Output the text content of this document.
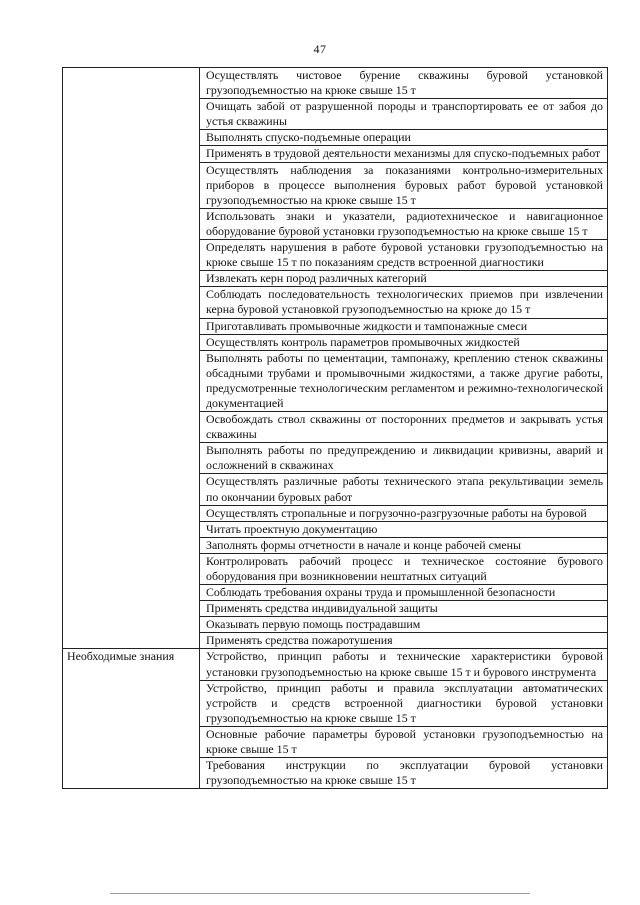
47
	Осуществлять чистовое бурение скважины буровой установкой грузоподъемностью на крюке свыше 15 т
	Очищать забой от разрушенной породы и транспортировать ее от забоя до устья скважины
	Выполнять спуско-подъемные операции
	Применять в трудовой деятельности механизмы для спуско-подъемных работ
	Осуществлять наблюдения за показаниями контрольно-измерительных приборов в процессе выполнения буровых работ буровой установкой грузоподъемностью на крюке свыше 15 т
	Использовать знаки и указатели, радиотехническое и навигационное оборудование буровой установки грузоподъемностью на крюке свыше 15 т
	Определять нарушения в работе буровой установки грузоподъемностью на крюке свыше 15 т по показаниям средств встроенной диагностики
	Извлекать керн пород различных категорий
	Соблюдать последовательность технологических приемов при извлечении керна буровой установкой грузоподъемностью на крюке до 15 т
	Приготавливать промывочные жидкости и тампонажные смеси
	Осуществлять контроль параметров промывочных жидкостей
	Выполнять работы по цементации, тампонажу, креплению стенок скважины обсадными трубами и промывочными жидкостями, а также другие работы, предусмотренные технологическим регламентом и режимно-технологической документацией
	Освобождать ствол скважины от посторонних предметов и закрывать устья скважины
	Выполнять работы по предупреждению и ликвидации кривизны, аварий и осложнений в скважинах
	Осуществлять различные работы технического этапа рекультивации земель по окончании буровых работ
	Осуществлять стропальные и погрузочно-разгрузочные работы на буровой
	Читать проектную документацию
	Заполнять формы отчетности в начале и конце рабочей смены
	Контролировать рабочий процесс и техническое состояние бурового оборудования при возникновении нештатных ситуаций
	Соблюдать требования охраны труда и промышленной безопасности
	Применять средства индивидуальной защиты
	Оказывать первую помощь пострадавшим
	Применять средства пожаротушения
Необходимые знания	Устройство, принцип работы и технические характеристики буровой установки грузоподъемностью на крюке свыше 15 т и бурового инструмента
	Устройство, принцип работы и правила эксплуатации автоматических устройств и средств встроенной диагностики буровой установки грузоподъемностью на крюке свыше 15 т
	Основные рабочие параметры буровой установки грузоподъемностью на крюке свыше 15 т
	Требования инструкции по эксплуатации буровой установки грузоподъемностью на крюке свыше 15 т
